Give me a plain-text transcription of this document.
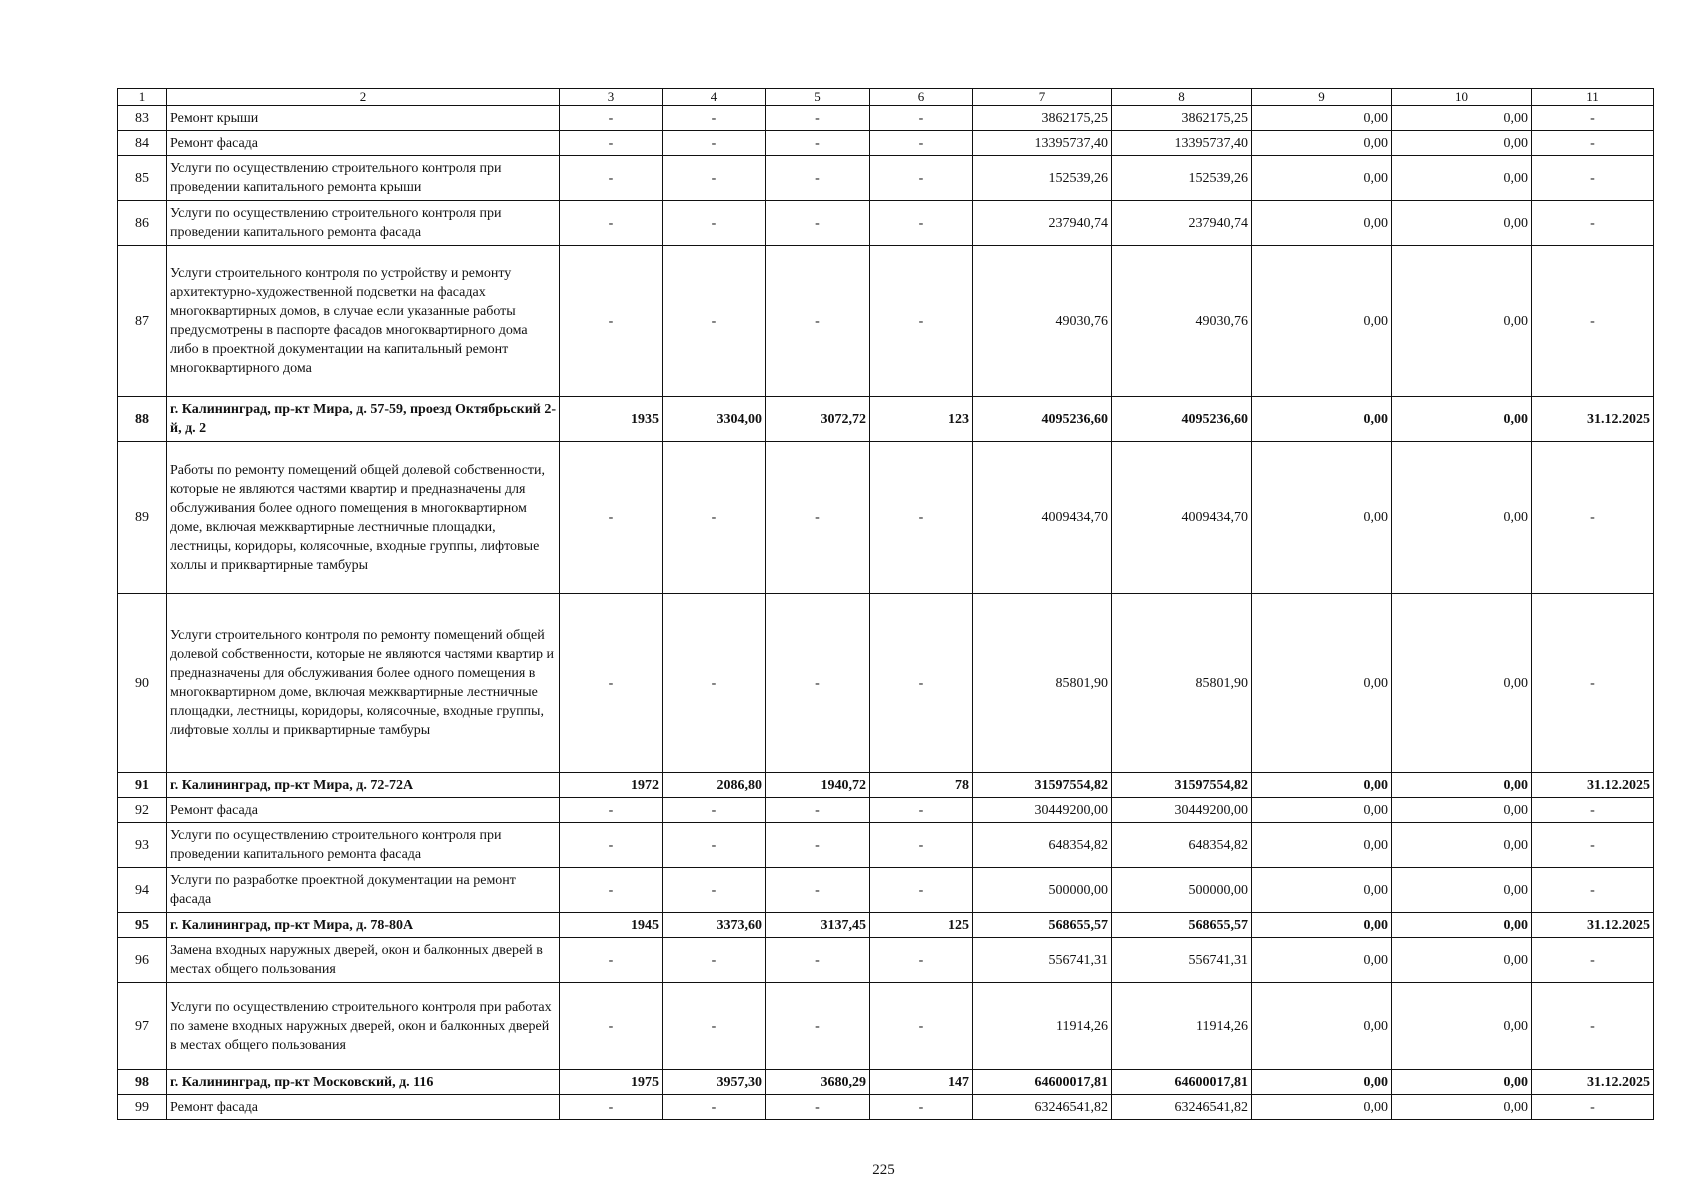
1	2	3	4	5	6	7	8	9	10	11
83	Ремонт крыши	-	-	-	-	3862175,25	3862175,25	0,00	0,00	-
84	Ремонт фасада	-	-	-	-	13395737,40	13395737,40	0,00	0,00	-
85	Услуги по осуществлению строительного контроля при проведении капитального ремонта крыши	-	-	-	-	152539,26	152539,26	0,00	0,00	-
86	Услуги по осуществлению строительного контроля при проведении капитального ремонта фасада	-	-	-	-	237940,74	237940,74	0,00	0,00	-
87	Услуги строительного контроля по устройству и ремонту архитектурно-художественной подсветки на фасадах многоквартирных домов, в случае если указанные работы предусмотрены в паспорте фасадов многоквартирного дома либо в проектной документации на капитальный ремонт многоквартирного дома	-	-	-	-	49030,76	49030,76	0,00	0,00	-
88	г. Калининград, пр-кт Мира, д. 57-59, проезд Октябрьский 2-й, д. 2	1935	3304,00	3072,72	123	4095236,60	4095236,60	0,00	0,00	31.12.2025
89	Работы по ремонту помещений общей долевой собственности, которые не являются частями квартир и предназначены для обслуживания более одного помещения в многоквартирном доме, включая межквартирные лестничные площадки, лестницы, коридоры, колясочные, входные группы, лифтовые холлы и приквартирные тамбуры	-	-	-	-	4009434,70	4009434,70	0,00	0,00	-
90	Услуги строительного контроля по ремонту помещений общей долевой собственности, которые не являются частями квартир и предназначены для обслуживания более одного помещения в многоквартирном доме, включая межквартирные лестничные площадки, лестницы, коридоры, колясочные, входные группы, лифтовые холлы и приквартирные тамбуры	-	-	-	-	85801,90	85801,90	0,00	0,00	-
91	г. Калининград, пр-кт Мира, д. 72-72А	1972	2086,80	1940,72	78	31597554,82	31597554,82	0,00	0,00	31.12.2025
92	Ремонт фасада	-	-	-	-	30449200,00	30449200,00	0,00	0,00	-
93	Услуги по осуществлению строительного контроля при проведении капитального ремонта фасада	-	-	-	-	648354,82	648354,82	0,00	0,00	-
94	Услуги по разработке проектной документации на ремонт фасада	-	-	-	-	500000,00	500000,00	0,00	0,00	-
95	г. Калининград, пр-кт Мира, д. 78-80А	1945	3373,60	3137,45	125	568655,57	568655,57	0,00	0,00	31.12.2025
96	Замена входных наружных дверей, окон и балконных дверей в местах общего пользования	-	-	-	-	556741,31	556741,31	0,00	0,00	-
97	Услуги по осуществлению строительного контроля при работах по замене входных наружных дверей, окон и балконных дверей в местах общего пользования	-	-	-	-	11914,26	11914,26	0,00	0,00	-
98	г. Калининград, пр-кт Московский, д. 116	1975	3957,30	3680,29	147	64600017,81	64600017,81	0,00	0,00	31.12.2025
99	Ремонт фасада	-	-	-	-	63246541,82	63246541,82	0,00	0,00	-
225
